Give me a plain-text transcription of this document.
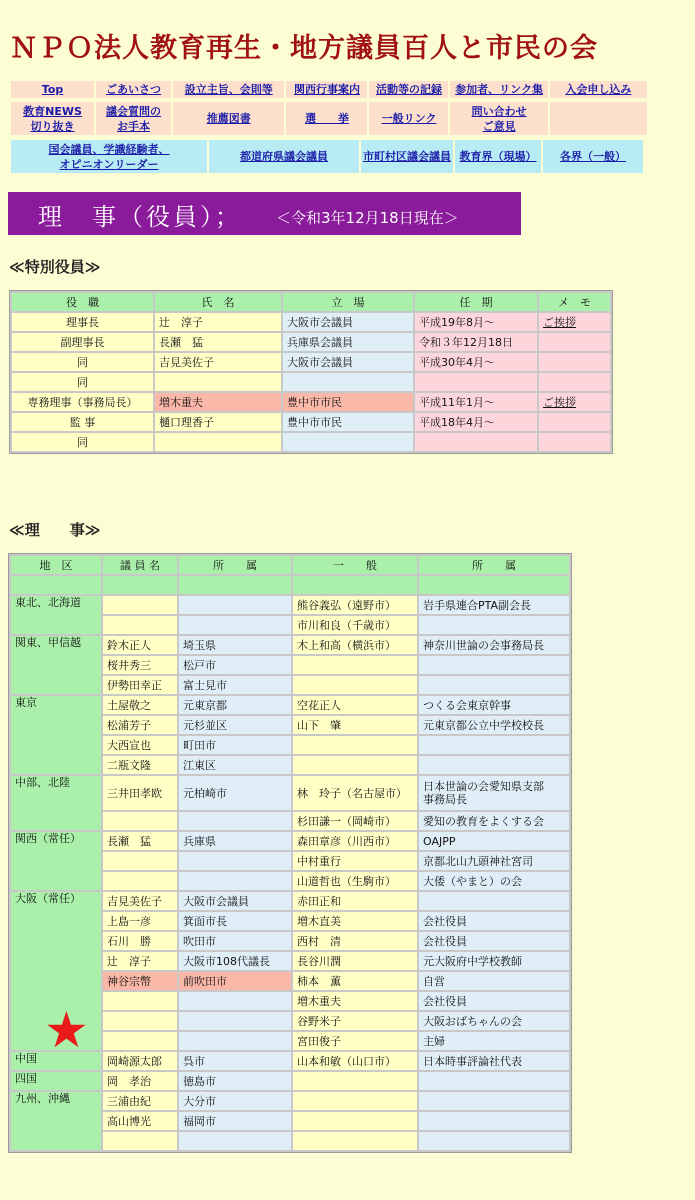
ＮＰＯ法人教育再生・地方議員百人と市民の会
Top	ごあいさつ	設立主旨、会則等	関西行事案内	活動等の記録	参加者、リンク集	入会申し込み
教育NEWS
切り抜き

議会質問の
お手本

推薦図書	選　　挙	一般リンク

問い合わせ
ご意見

国会議員、学識経験者、
オピニオンリーダー

都道府県議会議員	市町村区議会議員	教育界（現場）	各界（一般）
理　事（役員）； ＜令和3年12月18日現在＞
≪特別役員≫
役　職	氏　名	立　場	任　期	メ　モ
理事長	辻　淳子	大阪市会議員	平成19年8月～	ご挨拶
副理事長	長瀬　猛	兵庫県会議員	令和３年12月18日	
同	吉見美佐子	大阪市会議員	平成30年4月～	
同				
専務理事（事務局長）	増木重夫	豊中市市民	平成11年1月～	ご挨拶
監 事	樋口理香子	豊中市市民	平成18年4月～	
同				
≪理　　事≫
地　区	議 員 名	所　　属	一　　般	所　　属

東北、北海道			熊谷義弘（遠野市）	岩手県連合PTA副会長
			市川和良（千歳市）	
関東、甲信越	鈴木正人	埼玉県	木上和高（横浜市）	神奈川世論の会事務局長
	桜井秀三	松戸市		
	伊勢田幸正	富士見市		
東京	土屋敬之	元東京都	空花正人	つくる会東京幹事
	松浦芳子	元杉並区	山下　肇	元東京都公立中学校校長
	大西宣也	町田市		
	二瓶文隆	江東区		
中部、北陸	三井田孝欧	元柏崎市	林　玲子（名古屋市）	日本世論の会愛知県支部
事務局長

			杉田謙一（岡崎市）	愛知の教育をよくする会
関西（常任）	長瀬　猛	兵庫県	森田章彦（川西市）	OAJPP
			中村重行	京都北山九頭神社宮司
			山道哲也（生駒市）	大倭（やまと）の会
大阪（常任）	吉見美佐子	大阪市会議員	赤田正和	
	上島一彦	箕面市長	増木直美	会社役員
	石川　勝	吹田市	西村　清	会社役員
	辻　淳子	大阪市108代議長	長谷川潤	元大阪府中学校教師
	神谷宗幣	前吹田市	柿本　薫	自営
			増木重夫	会社役員
			谷野米子	大阪おばちゃんの会
			宮田俊子	主婦
中国	岡崎源太郎	呉市	山本和敏（山口市）	日本時事評論社代表
四国	岡　孝治	徳島市		
九州、沖縄	三浦由紀	大分市		
	高山博光	福岡市		

★
